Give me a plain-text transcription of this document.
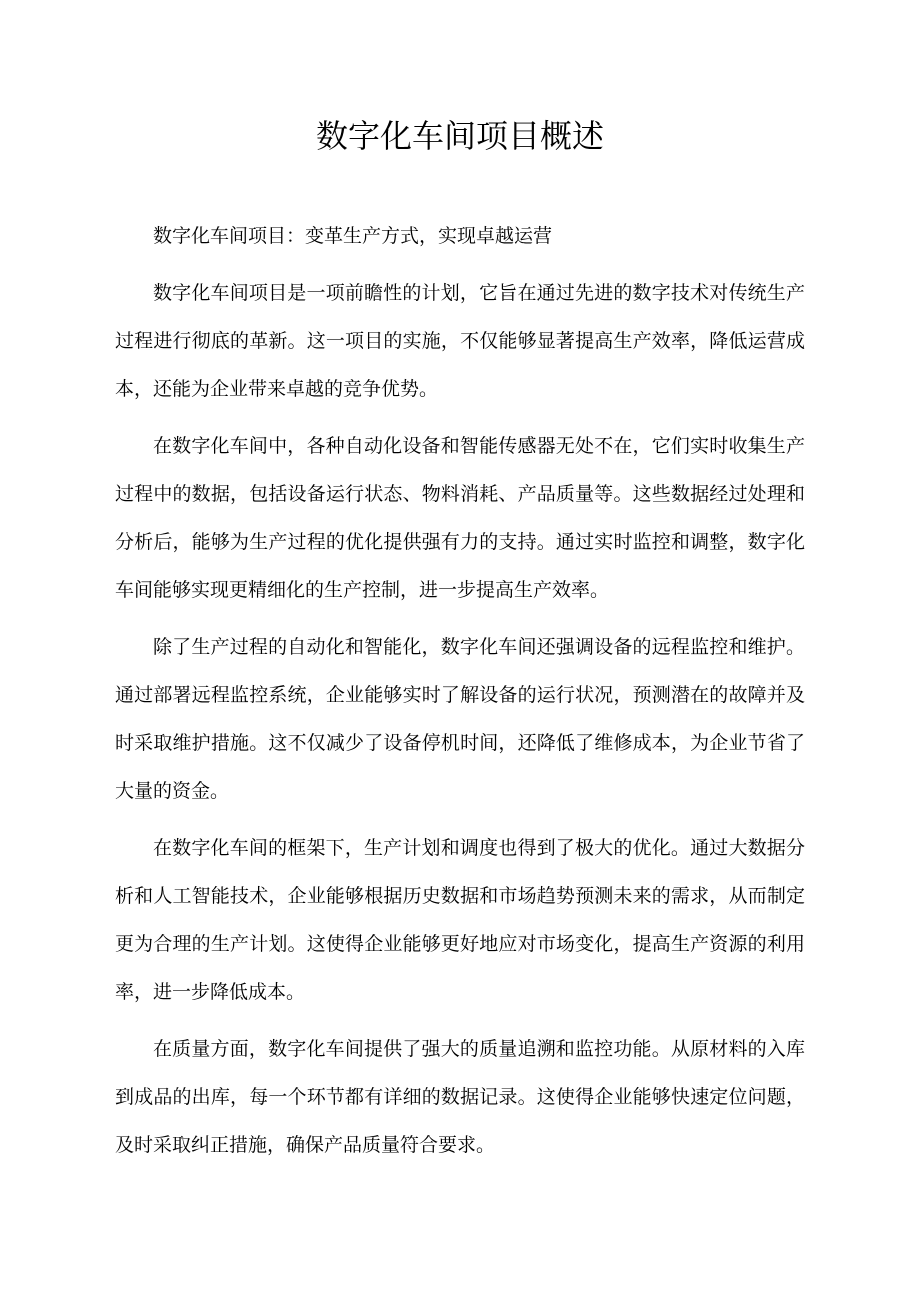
数字化车间项目概述

数字化车间项目：变革生产方式，实现卓越运营

数字化车间项目是一项前瞻性的计划，它旨在通过先进的数字技术对传统生产过程进行彻底的革新。这一项目的实施，不仅能够显著提高生产效率，降低运营成本，还能为企业带来卓越的竞争优势。

在数字化车间中，各种自动化设备和智能传感器无处不在，它们实时收集生产过程中的数据，包括设备运行状态、物料消耗、产品质量等。这些数据经过处理和分析后，能够为生产过程的优化提供强有力的支持。通过实时监控和调整，数字化车间能够实现更精细化的生产控制，进一步提高生产效率。

除了生产过程的自动化和智能化，数字化车间还强调设备的远程监控和维护。通过部署远程监控系统，企业能够实时了解设备的运行状况，预测潜在的故障并及时采取维护措施。这不仅减少了设备停机时间，还降低了维修成本，为企业节省了大量的资金。

在数字化车间的框架下，生产计划和调度也得到了极大的优化。通过大数据分析和人工智能技术，企业能够根据历史数据和市场趋势预测未来的需求，从而制定更为合理的生产计划。这使得企业能够更好地应对市场变化，提高生产资源的利用率，进一步降低成本。

在质量方面，数字化车间提供了强大的质量追溯和监控功能。从原材料的入库到成品的出库，每一个环节都有详细的数据记录。这使得企业能够快速定位问题，及时采取纠正措施，确保产品质量符合要求。
